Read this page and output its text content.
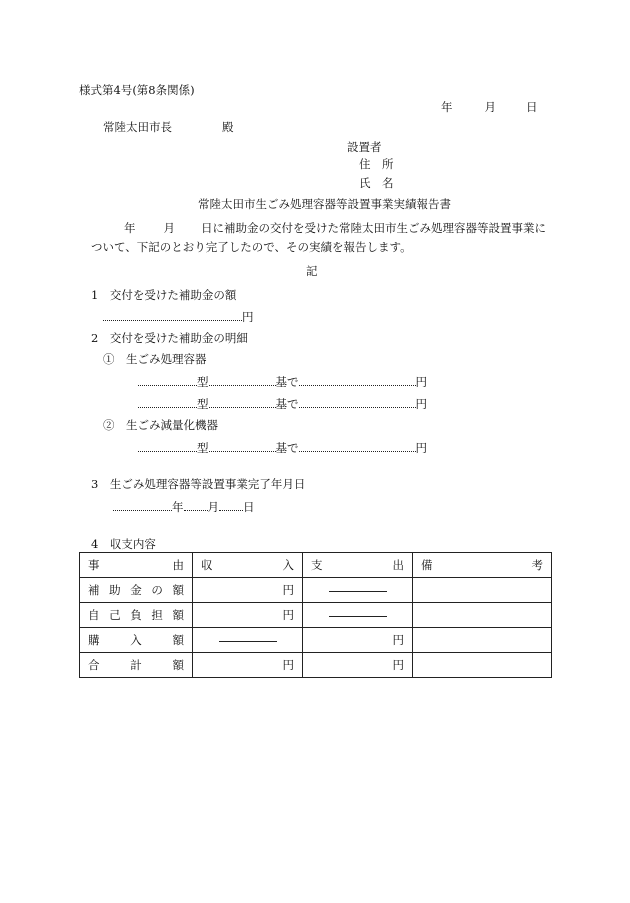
様式第4号(第8条関係)
年	月	日
常陸太田市長	殿
設置者
住　所
氏　名
常陸太田市生ごみ処理容器等設置事業実績報告書
年 月 日に補助金の交付を受けた常陸太田市生ごみ処理容器等設置事業に
ついて、下記のとおり完了したので、その実績を報告します。
記
1　交付を受けた補助金の額
円
2　交付を受けた補助金の明細
①　生ごみ処理容器
型	基で	円
型	基で	円
②　生ごみ減量化機器
型	基で	円
3　生ごみ処理容器等設置事業完了年月日
年 月 日
4　収支内容
事 由	収 入	支 出	備 考

補 助 金 の 額	円		

自 己 負 担 額	円		

購 入 額		円	

合 計 額	円	円	
